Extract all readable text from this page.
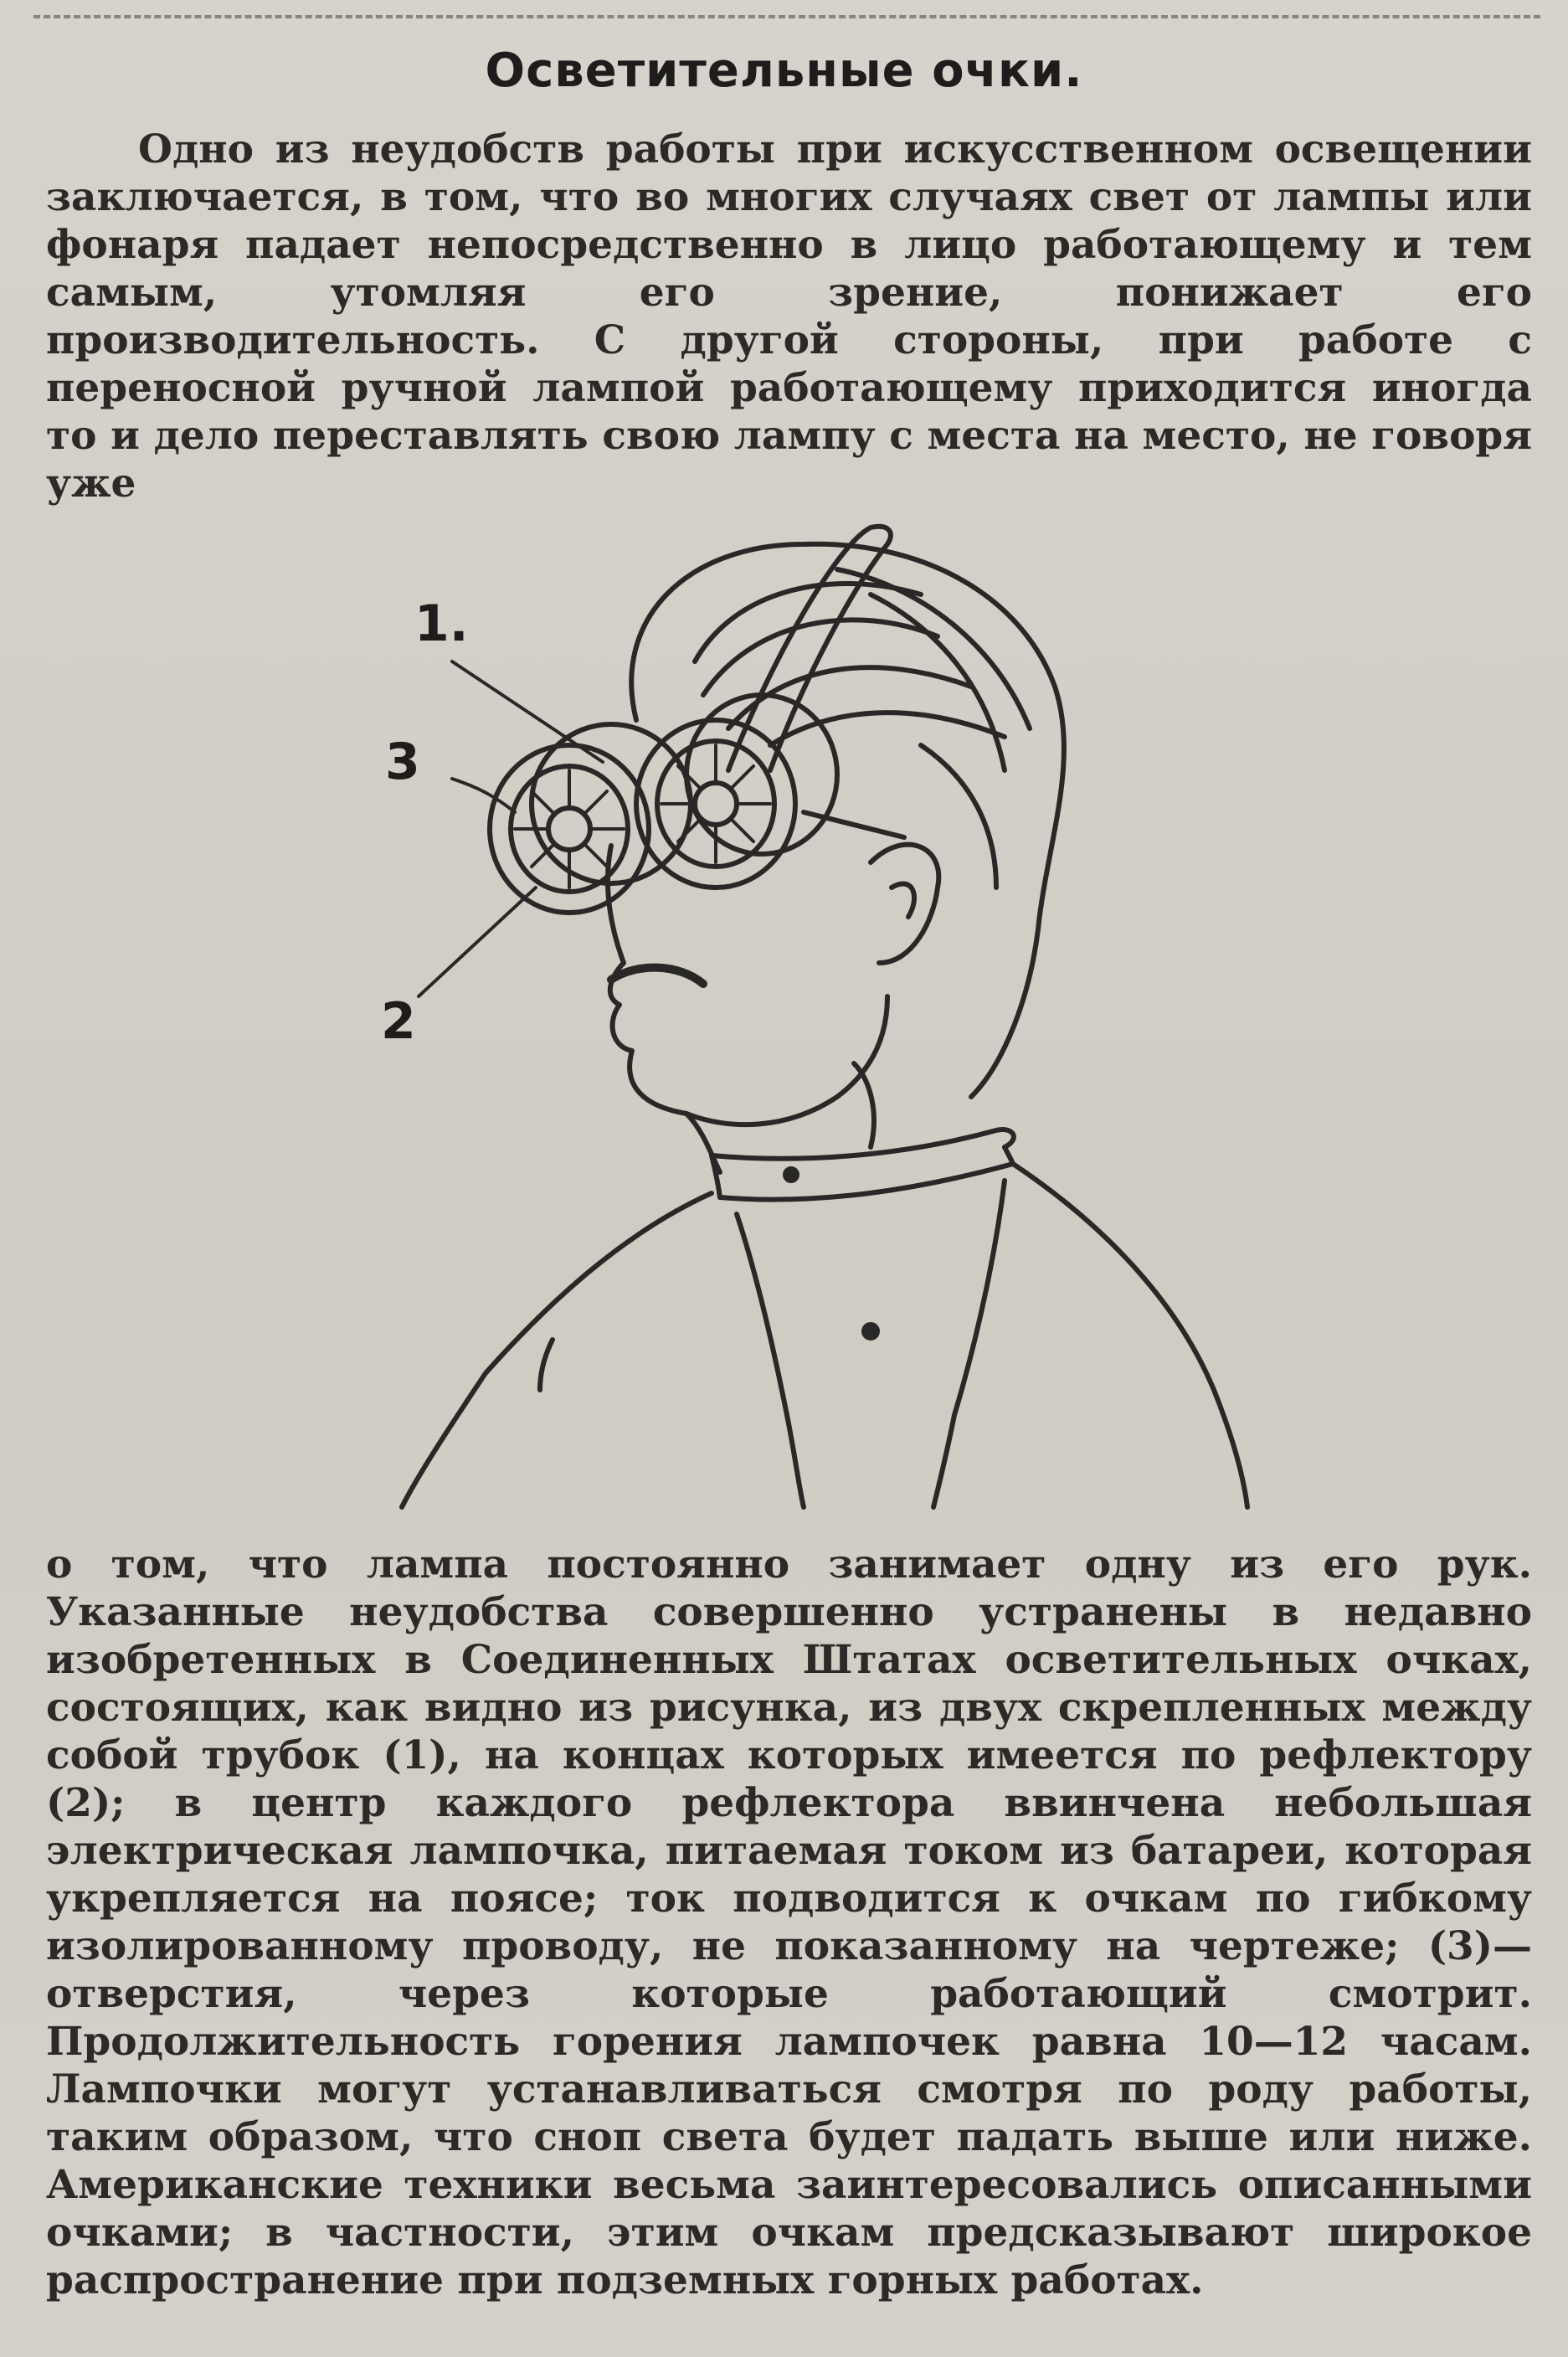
Осветительные очки.
Одно из неудобств работы при искусственном освещении заключается, в том, что во многих случаях свет от лампы или фонаря падает непосредственно в лицо работающему и тем самым, утомляя его зрение, понижает его производительность. С другой стороны, при работе с переносной ручной лампой работающему приходится иногда то и дело переставлять свою лампу с места на место, не говоря уже
1.
3
2
о том, что лампа постоянно занимает одну из его рук. Указанные неудобства совершенно устранены в недавно изобретенных в Соединенных Штатах осветительных очках, состоящих, как видно из рисунка, из двух скрепленных между собой трубок (1), на концах которых имеется по рефлектору (2); в центр каждого рефлектора ввинчена небольшая электрическая лампочка, питаемая током из батареи, которая укрепляется на поясе; ток подводится к очкам по гибкому изолированному проводу, не показанному на чертеже; (3)—отверстия, через которые работающий смотрит. Продолжительность горения лампочек равна 10—12 часам. Лампочки могут устанавливаться смотря по роду работы, таким образом, что сноп света будет падать выше или ниже. Американские техники весьма заинтересовались описанными очками; в частности, этим очкам предсказывают широкое распространение при подземных горных работах.
